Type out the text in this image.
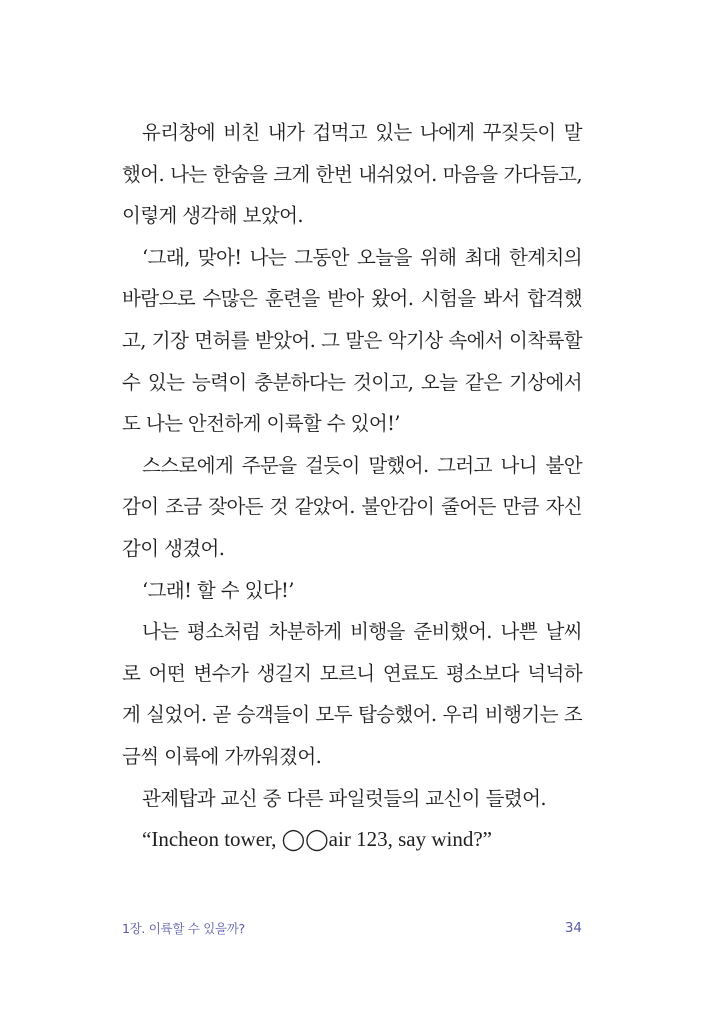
유리창에 비친 내가 겁먹고 있는 나에게 꾸짖듯이 말
했어. 나는 한숨을 크게 한번 내쉬었어. 마음을 가다듬고,
이렇게 생각해 보았어.
‘그래, 맞아! 나는 그동안 오늘을 위해 최대 한계치의
바람으로 수많은 훈련을 받아 왔어. 시험을 봐서 합격했
고, 기장 면허를 받았어. 그 말은 악기상 속에서 이착륙할
수 있는 능력이 충분하다는 것이고, 오늘 같은 기상에서
도 나는 안전하게 이륙할 수 있어!’
스스로에게 주문을 걸듯이 말했어. 그러고 나니 불안
감이 조금 잦아든 것 같았어. 불안감이 줄어든 만큼 자신
감이 생겼어.
‘그래! 할 수 있다!’
나는 평소처럼 차분하게 비행을 준비했어. 나쁜 날씨
로 어떤 변수가 생길지 모르니 연료도 평소보다 넉넉하
게 실었어. 곧 승객들이 모두 탑승했어. 우리 비행기는 조
금씩 이륙에 가까워졌어.
관제탑과 교신 중 다른 파일럿들의 교신이 들렸어.
“Incheon tower, ◯◯air 123, say wind?”
1장. 이륙할 수 있을까?	34
